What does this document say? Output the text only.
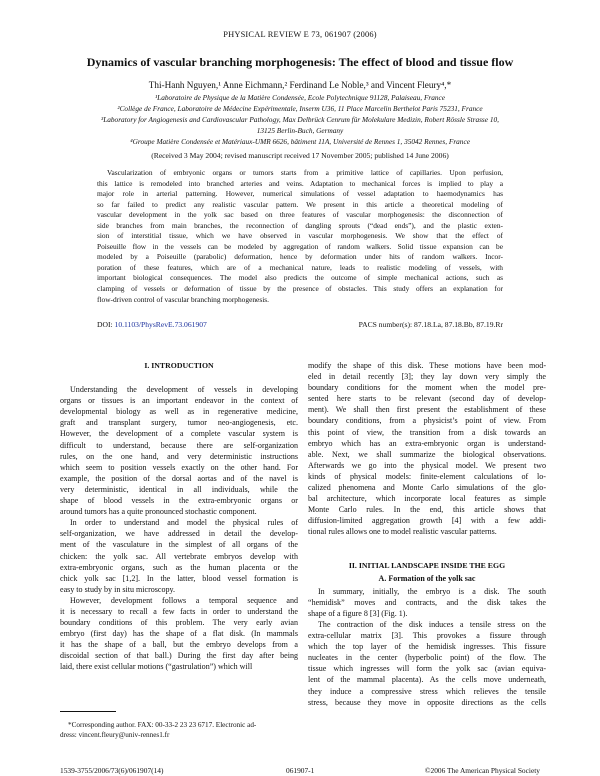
PHYSICAL REVIEW E 73, 061907 (2006)
Dynamics of vascular branching morphogenesis: The effect of blood and tissue flow
Thi-Hanh Nguyen,¹ Anne Eichmann,² Ferdinand Le Noble,³ and Vincent Fleury⁴,*
¹Laboratoire de Physique de la Matière Condensée, Ecole Polytechnique 91128, Palaiseau, France
²Collège de France, Laboratoire de Médecine Expérimentale, Inserm U36, 11 Place Marcelin Berthelot Paris 75231, France
³Laboratory for Angiogenesis and Cardiovascular Pathology, Max Delbrück Cenrum für Molekulare Medizin, Robert Rössle Strasse 10,
13125 Berlin-Buch, Germany
⁴Groupe Matière Condensée et Matériaux-UMR 6626, bâtiment 11A, Université de Rennes 1, 35042 Rennes, France
(Received 3 May 2004; revised manuscript received 17 November 2005; published 14 June 2006)
Vascularization of embryonic organs or tumors starts from a primitive lattice of capillaries. Upon perfusion,
this lattice is remodeled into branched arteries and veins. Adaptation to mechanical forces is implied to play a
major role in arterial patterning. However, numerical simulations of vessel adaptation to haemodynamics has
so far failed to predict any realistic vascular pattern. We present in this article a theoretical modeling of
vascular development in the yolk sac based on three features of vascular morphogenesis: the disconnection of
side branches from main branches, the reconnection of dangling sprouts (“dead ends”), and the plastic exten-
sion of interstitial tissue, which we have observed in vascular morphogenesis. We show that the effect of
Poiseuille flow in the vessels can be modeled by aggregation of random walkers. Solid tissue expansion can be
modeled by a Poiseuille (parabolic) deformation, hence by deformation under hits of random walkers. Incor-
poration of these features, which are of a mechanical nature, leads to realistic modeling of vessels, with
important biological consequences. The model also predicts the outcome of simple mechanical actions, such as
clamping of vessels or deformation of tissue by the presence of obstacles. This study offers an explanation for
flow-driven control of vascular branching morphogenesis.
DOI: 10.1103/PhysRevE.73.061907	PACS number(s): 87.18.La, 87.18.Bb, 87.19.Rr
I. INTRODUCTION

Understanding the development of vessels in developing
organs or tissues is an important endeavor in the context of
developmental biology as well as in regenerative medicine,
graft and transplant surgery, tumor neo-angiogenesis, etc.
However, the development of a complete vascular system is
difficult to understand, because there are self-organization
rules, on the one hand, and very deterministic instructions
which seem to position vessels exactly on the other hand. For
example, the position of the dorsal aortas and of the navel is
very deterministic, identical in all individuals, while the
shape of blood vessels in the extra-embryonic organs or
around tumors has a quite pronounced stochastic component.
In order to understand and model the physical rules of
self-organization, we have addressed in detail the develop-
ment of the vasculature in the simplest of all organs of the
chicken: the yolk sac. All vertebrate embryos develop with
extra-embryonic organs, such as the human placenta or the
chick yolk sac [1,2]. In the latter, blood vessel formation is
easy to study by in situ microscopy.
However, development follows a temporal sequence and
it is necessary to recall a few facts in order to understand the
boundary conditions of this problem. The very early avian
embryo (first day) has the shape of a flat disk. (In mammals
it has the shape of a ball, but the embryo develops from a
discoidal section of that ball.) During the first day after being
laid, there exist cellular motions (“gastrulation”) which will
modify the shape of this disk. These motions have been mod-
eled in detail recently [3]; they lay down very simply the
boundary conditions for the moment when the model pre-
sented here starts to be relevant (second day of develop-
ment). We shall then first present the establishment of these
boundary conditions, from a physicist’s point of view. From
this point of view, the transition from a disk towards an
embryo which has an extra-embryonic organ is understand-
able. Next, we shall summarize the biological observations.
Afterwards we go into the physical model. We present two
kinds of physical models: finite-element calculations of lo-
calized phenomena and Monte Carlo simulations of the glo-
bal architecture, which incorporate local features as simple
Monte Carlo rules. In the end, this article shows that
diffusion-limited aggregation growth [4] with a few addi-
tional rules allows one to model realistic vascular patterns.

II. INITIAL LANDSCAPE INSIDE THE EGG
A. Formation of the yolk sac
In summary, initially, the embryo is a disk. The south
“hemidisk” moves and contracts, and the disk takes the
shape of a figure 8 [3] (Fig. 1).
The contraction of the disk induces a tensile stress on the
extra-cellular matrix [3]. This provokes a fissure through
which the top layer of the hemidisk ingresses. This fissure
nucleates in the center (hyperbolic point) of the flow. The
tissue which ingresses will form the yolk sac (avian equiva-
lent of the mammal placenta). As the cells move underneath,
they induce a compressive stress which relieves the tensile
stress, because they move in opposite directions as the cells
*Corresponding author. FAX: 00-33-2 23 23 6717. Electronic ad-
dress: vincent.fleury@univ-rennes1.fr
1539-3755/2006/73(6)/061907(14)	061907-1	©2006 The American Physical Society
